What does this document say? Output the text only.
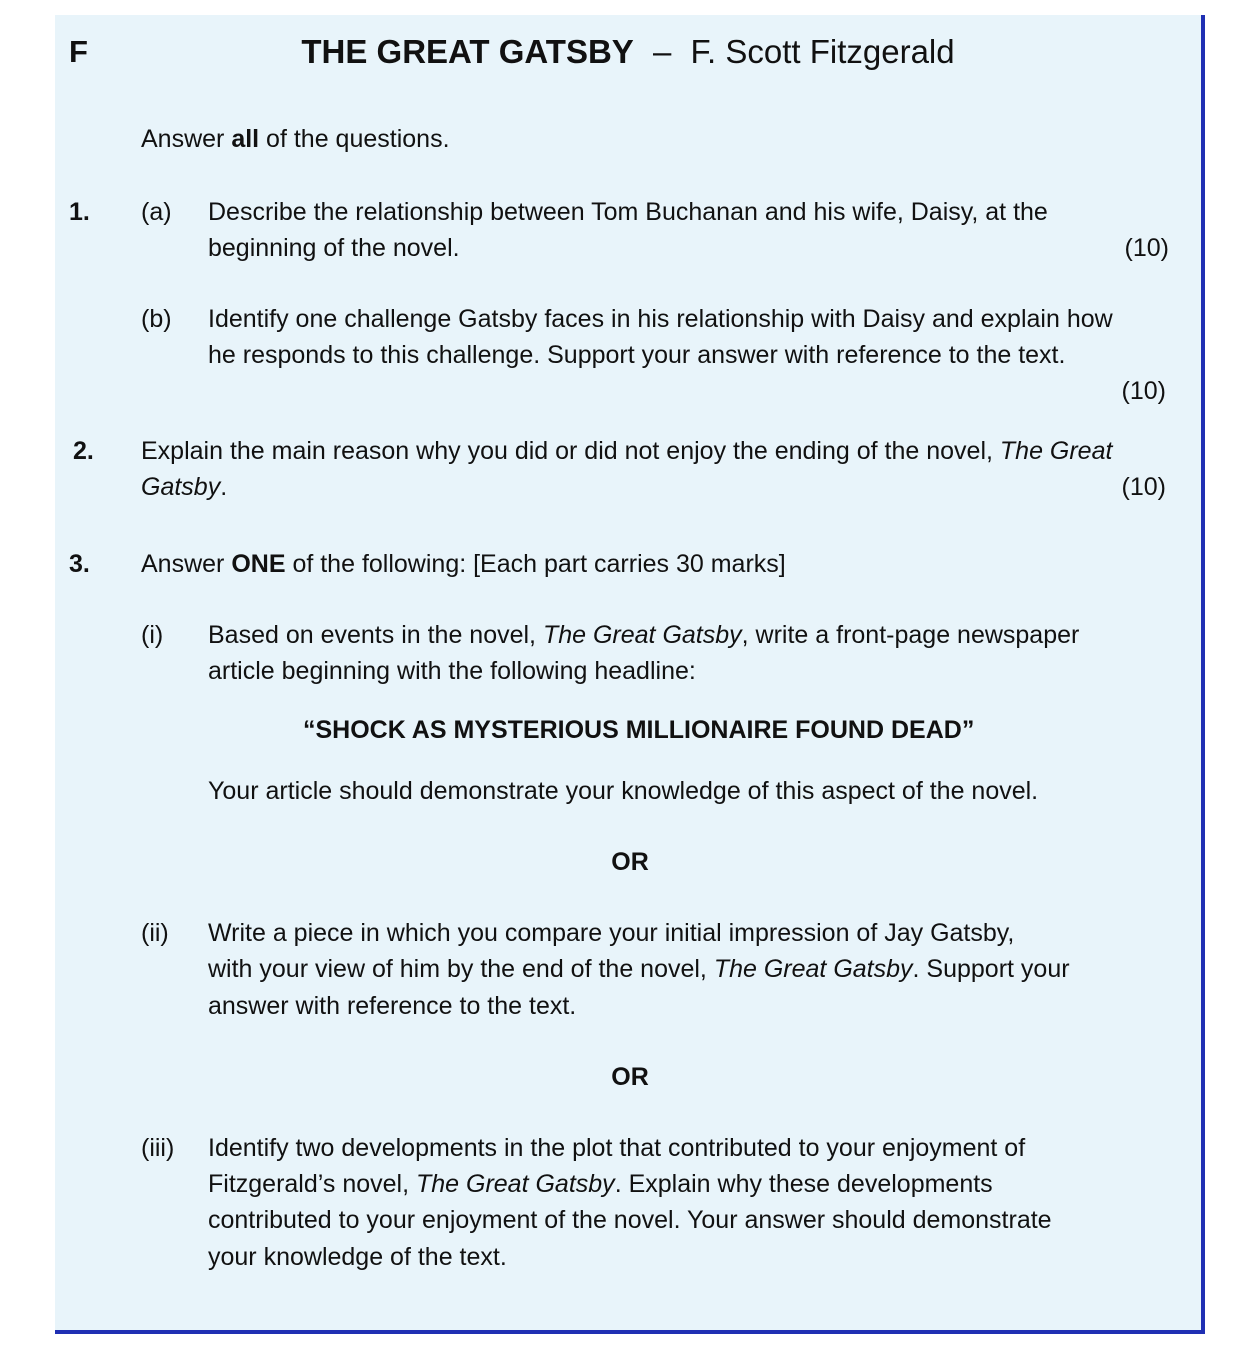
F	THE GREAT GATSBY – F. Scott Fitzgerald
Answer all of the questions.
1. (a) Describe the relationship between Tom Buchanan and his wife, Daisy, at the
beginning of the novel.	(10)
(b) Identify one challenge Gatsby faces in his relationship with Daisy and explain how
he responds to this challenge. Support your answer with reference to the text.
(10)
2. Explain the main reason why you did or did not enjoy the ending of the novel, The Great
Gatsby.	(10)
3. Answer ONE of the following: [Each part carries 30 marks]
(i) Based on events in the novel, The Great Gatsby, write a front-page newspaper
article beginning with the following headline:
“SHOCK AS MYSTERIOUS MILLIONAIRE FOUND DEAD”
Your article should demonstrate your knowledge of this aspect of the novel.
OR
(ii) Write a piece in which you compare your initial impression of Jay Gatsby,
with your view of him by the end of the novel, The Great Gatsby. Support your
answer with reference to the text.
OR
(iii) Identify two developments in the plot that contributed to your enjoyment of
Fitzgerald’s novel, The Great Gatsby. Explain why these developments
contributed to your enjoyment of the novel. Your answer should demonstrate
your knowledge of the text.
